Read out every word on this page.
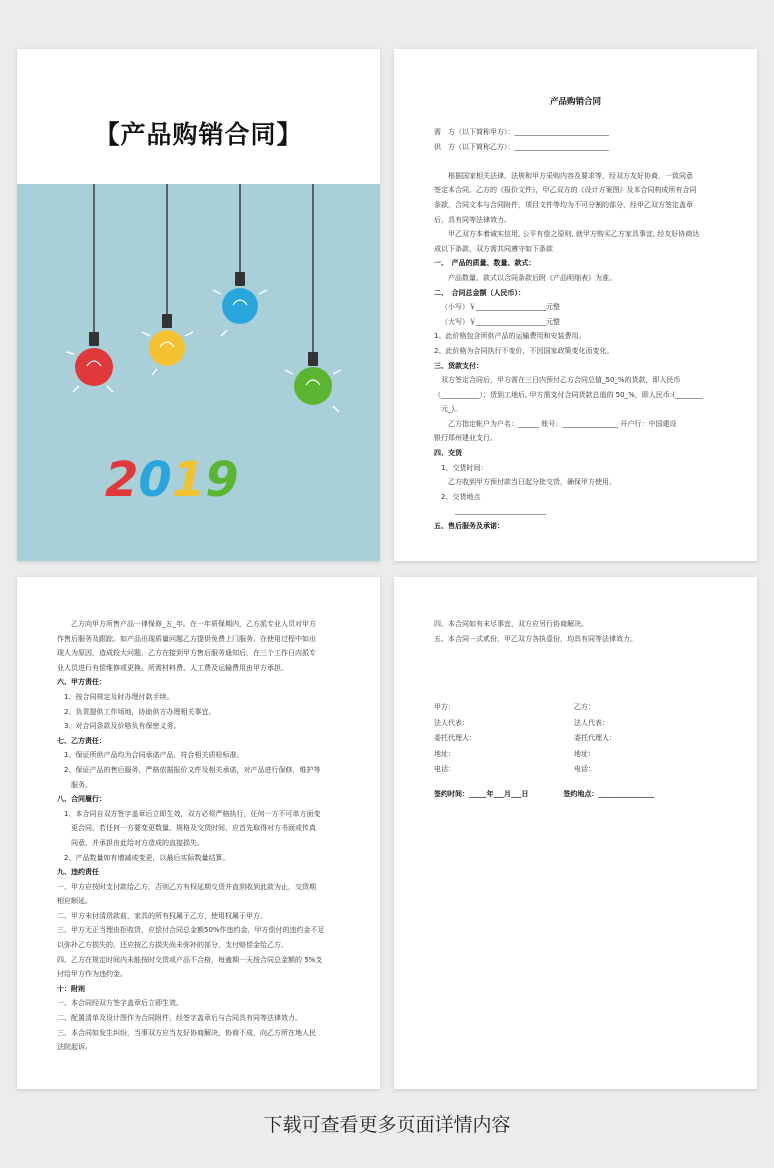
【产品购销合同】
2019
产品购销合同
需　方（以下简称甲方）：___________________________
供　方（以下简称乙方）：___________________________

根据国家相关法律、法规和甲方采购内容及要求等，经双方友好协商，一致同意
签定本合同。乙方的《报价文件》，甲乙双方的《设计方案图》及本合同构成所有合同
条款，合同文本与合同附件，项目文件等均为不可分割的部分，经甲乙双方签定盖章
后，具有同等法律效力。
甲乙双方本着诚实信用, 公平有偿之原则, 就甲方购买乙方家具事宜, 经友好协商达
成以下条款，双方需共同遵守如下条款
一、　产品的质量、数量、款式：
产品数量、款式以合同条款后附《产品明细表》为准。
二、　合同总金额（人民币）：
（小写）￥____________________元整
（大写）￥____________________元整
1、此价格包含所供产品的运输费用和安装费用。
2、此价格为合同执行不变价，不因国家政策变化而变化。
三、货款支付：
双方签定合同后，甲方需在三日内预付乙方合同总值_50_%的货款，即人民币
（___________）；货到工地后, 甲方需支付合同货款总值的 50_%，即人民币:(________
元_)。
乙方指定帐户为户名：______ 账号：________________ 开户行：中国建设
银行郑州建业支行。
四、交货
1、交货时间：
乙方收到甲方预付款当日起分批交货，确保甲方使用。
2、交货地点
　　　__________________________
五、售后服务及承诺：
乙方向甲方所售产品一律保修_五_年。在一年质保期内，乙方派专业人员对甲方
作售后服务及跟踪。如产品出现质量问题乙方提供免费上门服务。在使用过程中如出
现人为原因，造成较大问题，乙方在接到甲方售后服务通知后，在三个工作日内派专
业人员进行有偿维修或更换。所需材料费、人工费及运输费用由甲方承担。
六、甲方责任：
1、按合同规定及时办理付款手续。
2、负责提供工作场地，协助供方办理相关事宜。
3、对合同条款及价格负有保密义务。
七、乙方责任：
1、保证所供产品均为合同承诺产品，符合相关质检标准。
2、保证产品的售后服务，严格依据报价文件及相关承诺，对产品进行保修，维护等
服务。
八、合同履行：
1、本合同自双方签字盖章后立即生效，双方必须严格执行，任何一方不可单方面变
更合同，若任何一方要变更数量、规格及交货时间，应首先取得对方书面或传真
同意，并承担由此给对方造成的直接损失。
2、产品数量如有增减或变更，以最后实际数量结算。
九、违约责任
一、甲方应按时支付款给乙方，否则乙方有权延期交货并直到收到此款为止，交货期
相应顺延。
二、甲方未付清货款前，家具的所有权属于乙方，使用权属于甲方。
三、甲方无正当理由拒收货，应偿付合同总金额50%作违约金，甲方偿付的违约金不足
以弥补乙方损失的，还应按乙方损失尚未弥补的部分，支付赔偿金给乙方。
四、乙方在规定时间内未能按时交货或产品不合格，每逾期一天按合同总金额的 5%支
付给甲方作为违约金。
十：附则
一、本合同经双方签字盖章后立即生效。
二、配置清单及设计图作为合同附件，经签字盖章后与合同具有同等法律效力。
三、本合同如发生纠纷，当事双方应当友好协商解决，协商不成，向乙方所在地人民
法院起诉。
四、本合同如有未尽事宜，双方应另行协商解决。
五、本合同一式贰份，甲乙双方各执壹份，均具有同等法律效力。
甲方：
法人代表：
委托代理人：
地址：
电话：
乙方：
法人代表：
委托代理人：
地址：
电话：
签约时间：_____年___月___日	签约地点：________________
下载可查看更多页面详情内容
